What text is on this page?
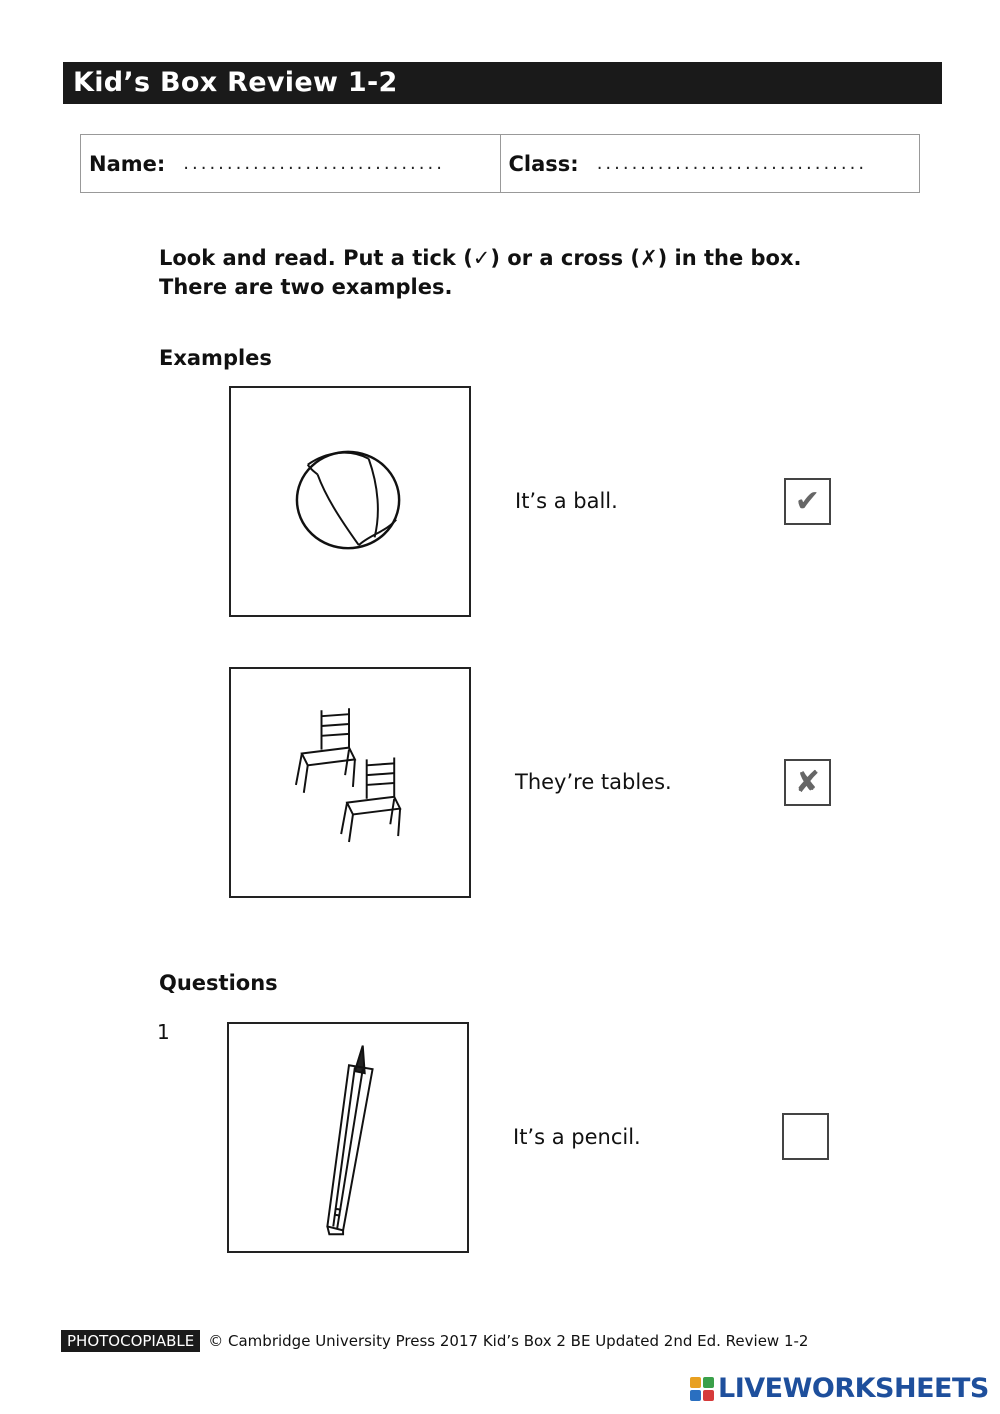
Kid’s Box Review 1-2
Name: ..............................	Class: ...............................
Look and read. Put a tick (✓) or a cross (✗) in the box.
There are two examples.
Examples
It’s a ball.	✔
They’re tables.	✘
Questions
1
It’s a pencil.
PHOTOCOPIABLE © Cambridge University Press 2017 Kid’s Box 2 BE Updated 2nd Ed. Review 1-2
LIVEWORKSHEETS
